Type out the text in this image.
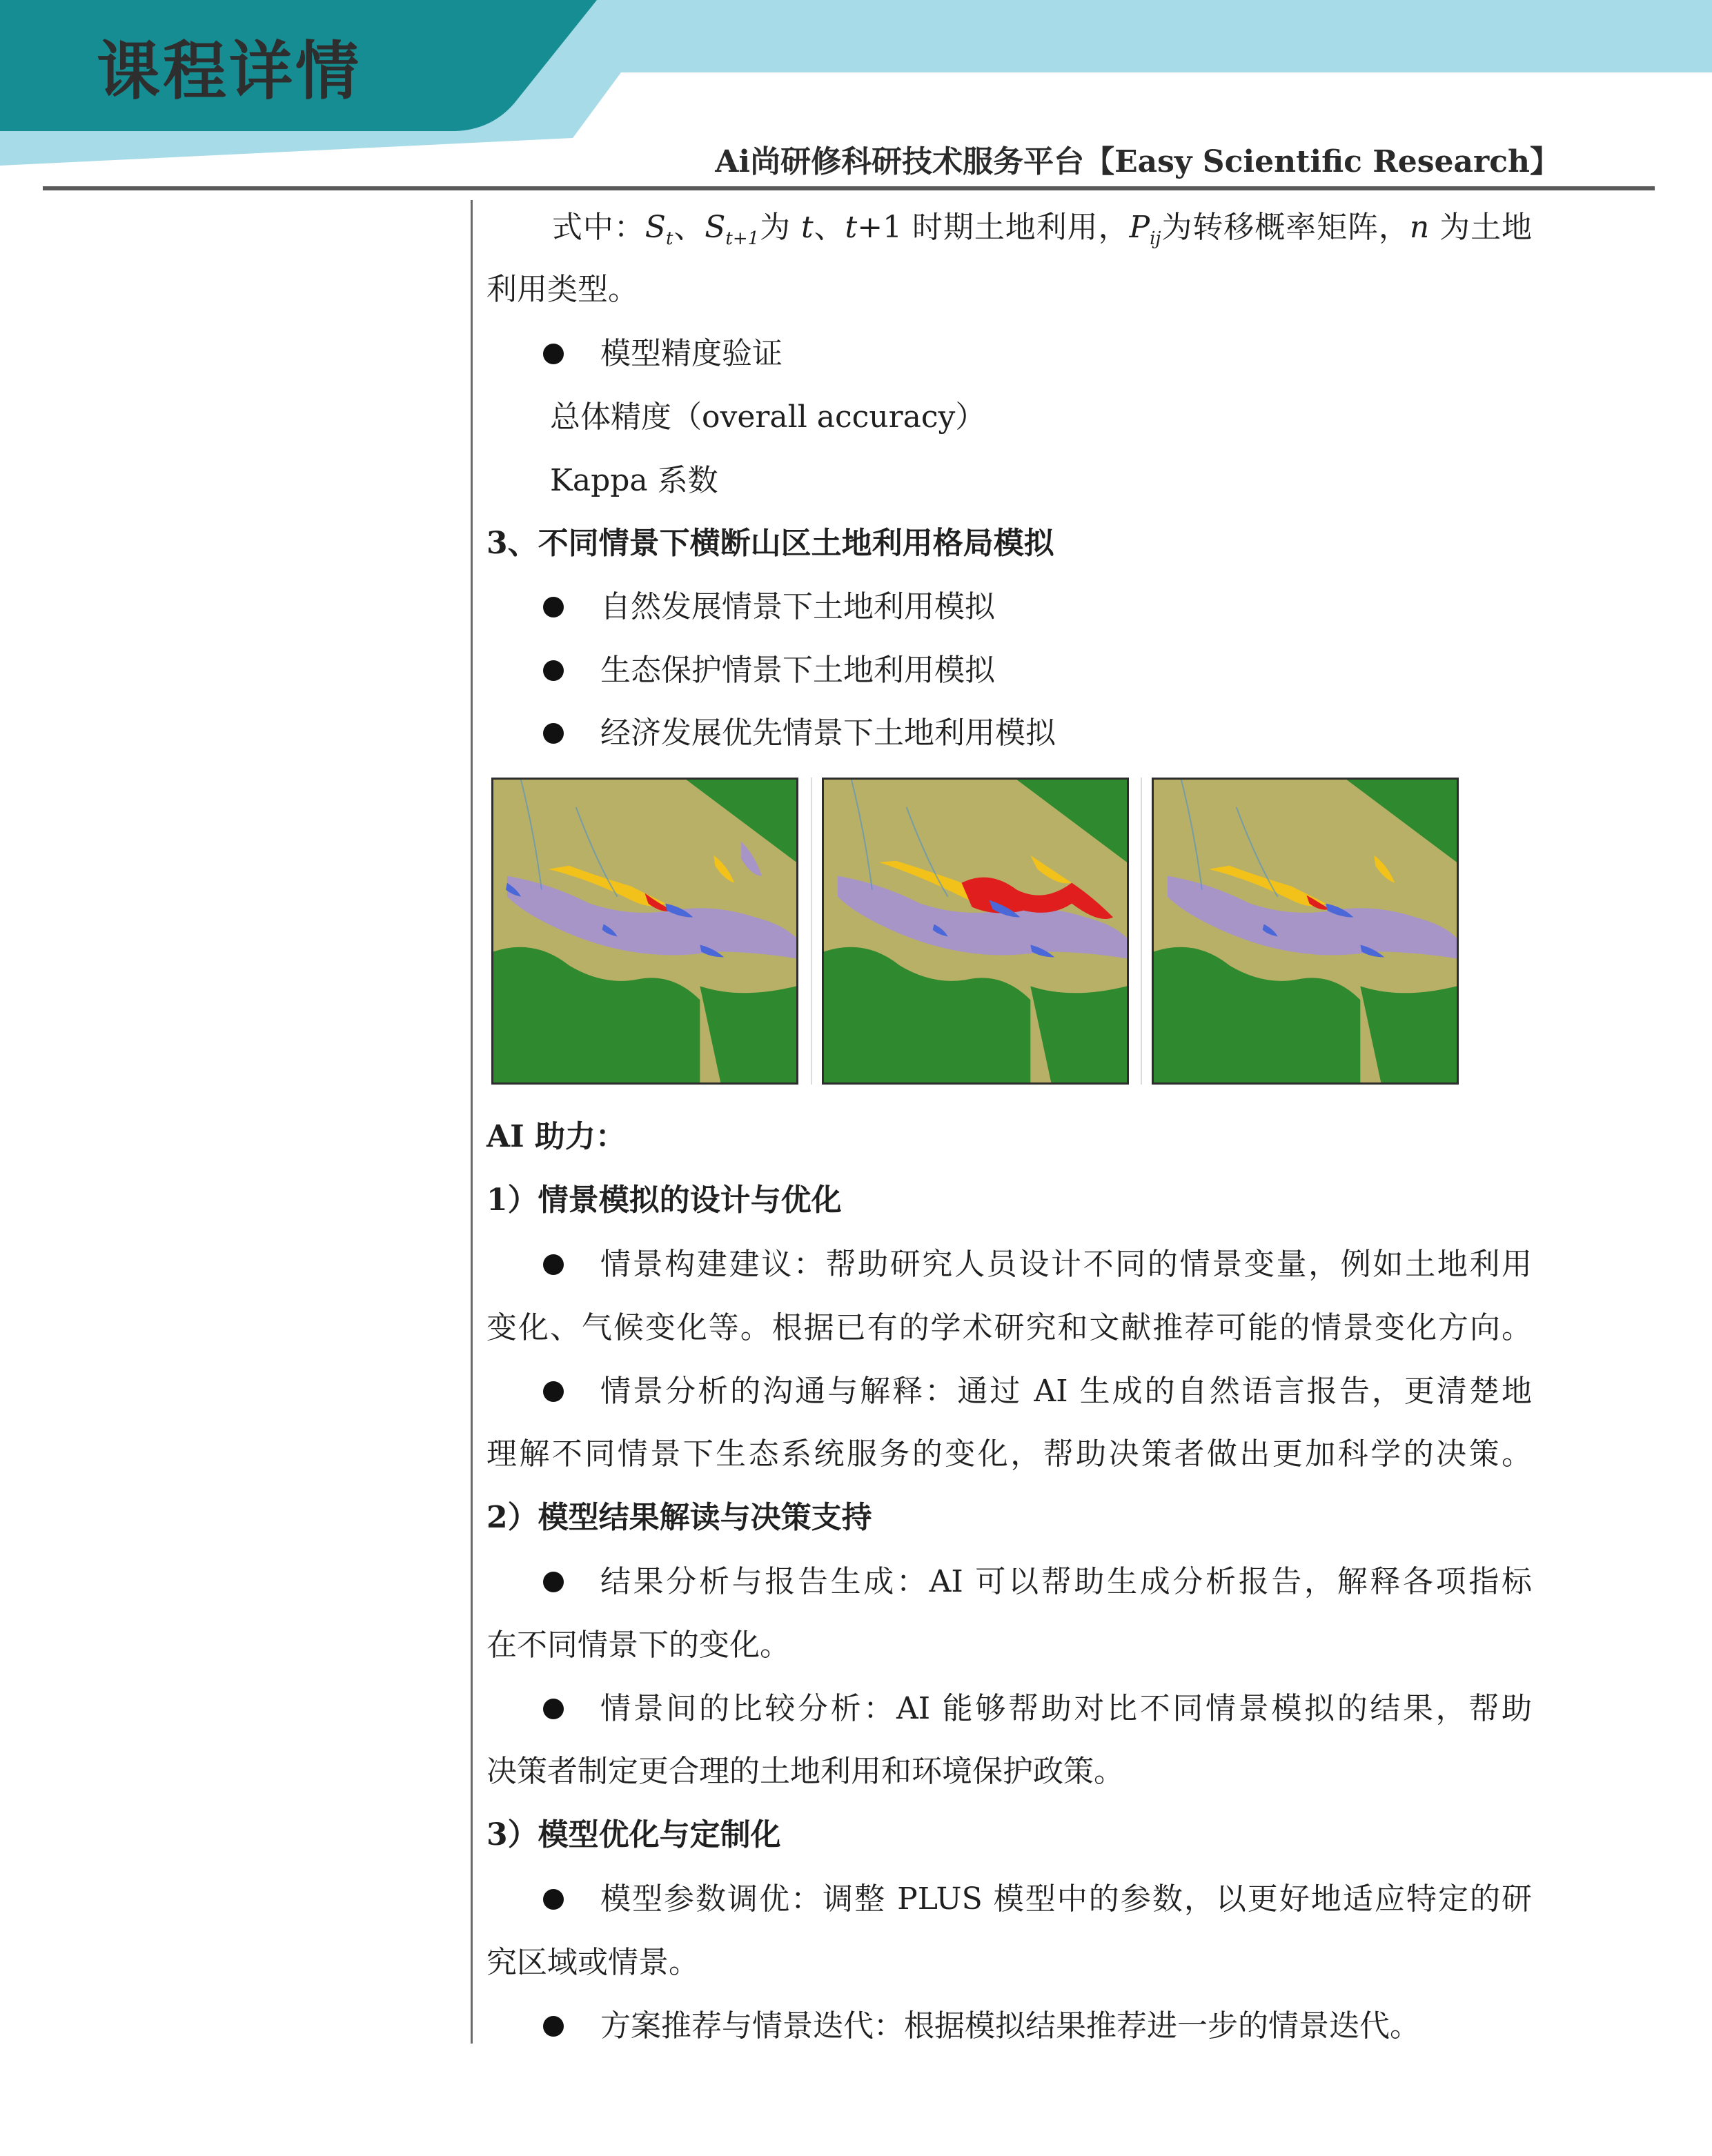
课程详情

Ai尚研修科研技术服务平台【Easy Scientific Research】

式中：$S_t$、$S_{t+1}$为 t、t+1 时期土地利用，$P_{ij}$为转移概率矩阵，n 为土地

利用类型。

模型精度验证

总体精度（overall accuracy）

Kappa 系数

3、不同情景下横断山区土地利用格局模拟

自然发展情景下土地利用模拟

生态保护情景下土地利用模拟

经济发展优先情景下土地利用模拟

AI 助力：

1）情景模拟的设计与优化

情景构建建议：帮助研究人员设计不同的情景变量，例如土地利用

变化、气候变化等。根据已有的学术研究和文献推荐可能的情景变化方向。

情景分析的沟通与解释：通过 AI 生成的自然语言报告，更清楚地

理解不同情景下生态系统服务的变化，帮助决策者做出更加科学的决策。

2）模型结果解读与决策支持

结果分析与报告生成：AI 可以帮助生成分析报告，解释各项指标

在不同情景下的变化。

情景间的比较分析：AI 能够帮助对比不同情景模拟的结果，帮助

决策者制定更合理的土地利用和环境保护政策。

3）模型优化与定制化

模型参数调优：调整 PLUS 模型中的参数，以更好地适应特定的研

究区域或情景。

方案推荐与情景迭代：根据模拟结果推荐进一步的情景迭代。
